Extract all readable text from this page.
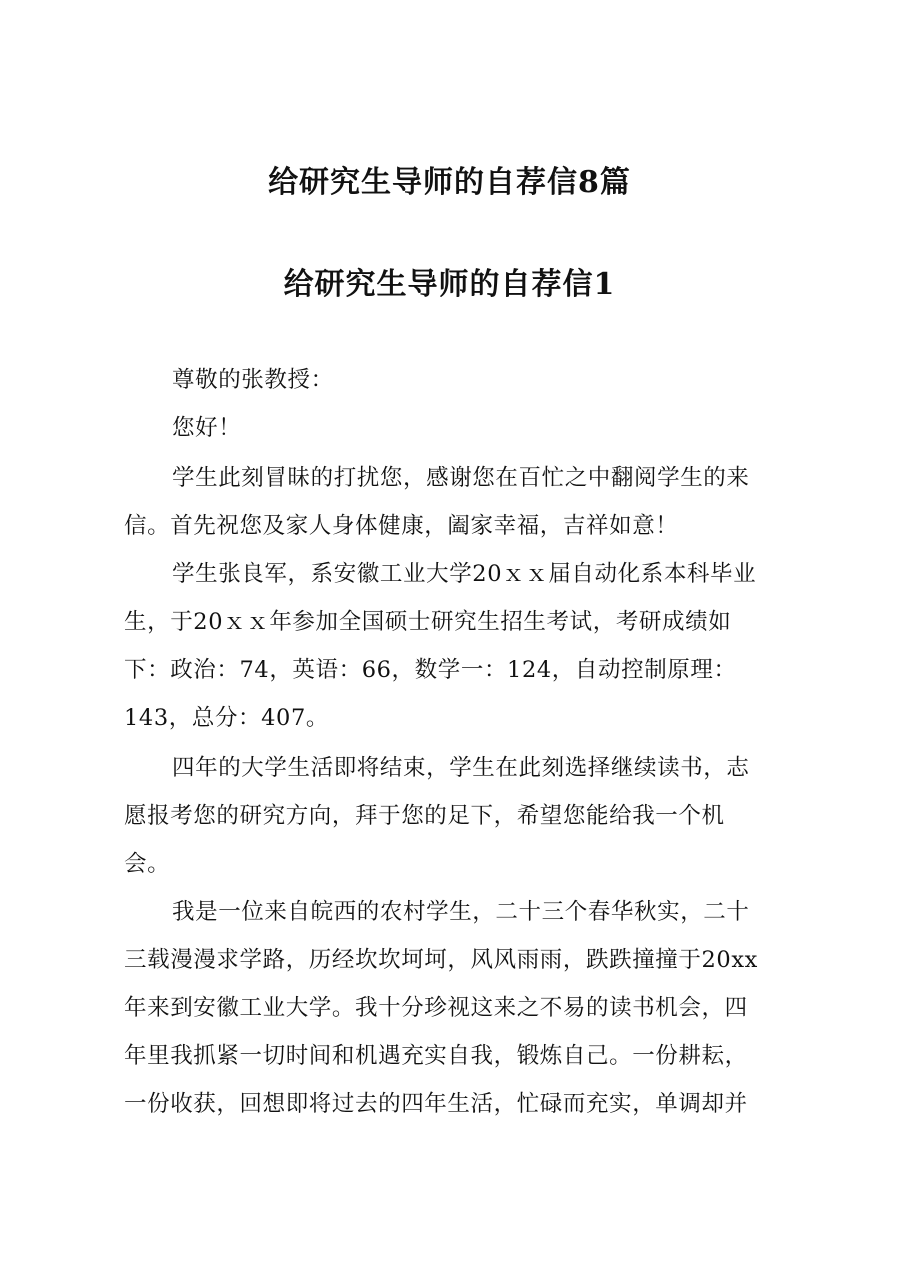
给研究生导师的自荐信8篇
给研究生导师的自荐信1
尊敬的张教授：
您好！
学生此刻冒昧的打扰您，感谢您在百忙之中翻阅学生的来
信。首先祝您及家人身体健康，阖家幸福，吉祥如意！
学生张良军，系安徽工业大学20ｘｘ届自动化系本科毕业
生，于20ｘｘ年参加全国硕士研究生招生考试，考研成绩如
下：政治：74，英语：66，数学一：124，自动控制原理：
143，总分：407。
四年的大学生活即将结束，学生在此刻选择继续读书，志
愿报考您的研究方向，拜于您的足下，希望您能给我一个机
会。
我是一位来自皖西的农村学生，二十三个春华秋实，二十
三载漫漫求学路，历经坎坎坷坷，风风雨雨，跌跌撞撞于20xx
年来到安徽工业大学。我十分珍视这来之不易的读书机会，四
年里我抓紧一切时间和机遇充实自我，锻炼自己。一份耕耘，
一份收获，回想即将过去的四年生活，忙碌而充实，单调却并
